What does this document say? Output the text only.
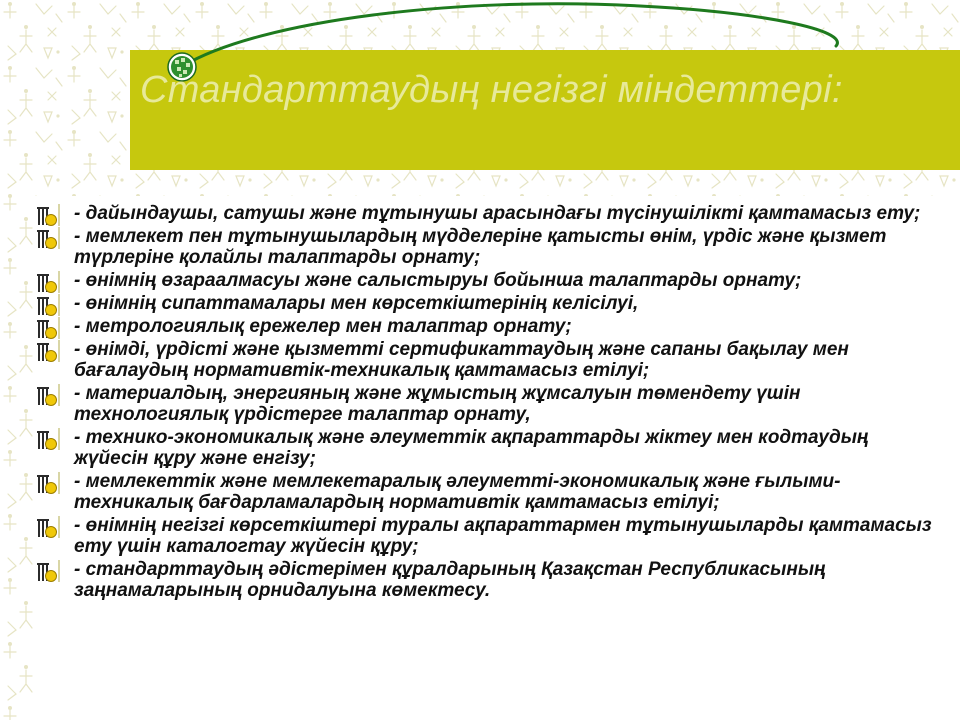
Стандарттаудың негізгі міндеттері:
- дайындаушы, сатушы және тұтынушы арасындағы түсінушілікті қамтамасыз ету;
- мемлекет пен тұтынушылардың мүдделеріне қатысты өнім, үрдіс және қызмет түрлеріне қолайлы талаптарды орнату;
- өнімнің өзараалмасуы және салыстыруы бойынша талаптарды орнату;
- өнімнің сипаттамалары мен көрсеткіштерінің келісілуі,
- метрологиялық ережелер мен талаптар орнату;
- өнімді, үрдісті және қызметті сертификаттаудың және сапаны бақылау мен бағалаудың нормативтік-техникалық қамтамасыз етілуі;
- материалдың, энергияның және жұмыстың жұмсалуын төмендету үшін технологиялық үрдістерге талаптар орнату,
- технико-экономикалық және әлеуметтік ақпараттарды жіктеу мен кодтаудың жүйесін құру және енгізу;
- мемлекеттік және мемлекетаралық әлеуметті-экономикалық және ғылыми-техникалық бағдарламалардың нормативтік қамтамасыз етілуі;
- өнімнің негізгі көрсеткіштері туралы ақпараттармен тұтынушыларды қамтамасыз ету үшін каталогтау жүйесін құру;
- стандарттаудың әдістерімен құралдарының Қазақстан Республикасының заңнамаларының орнидалуына көмектесу.
